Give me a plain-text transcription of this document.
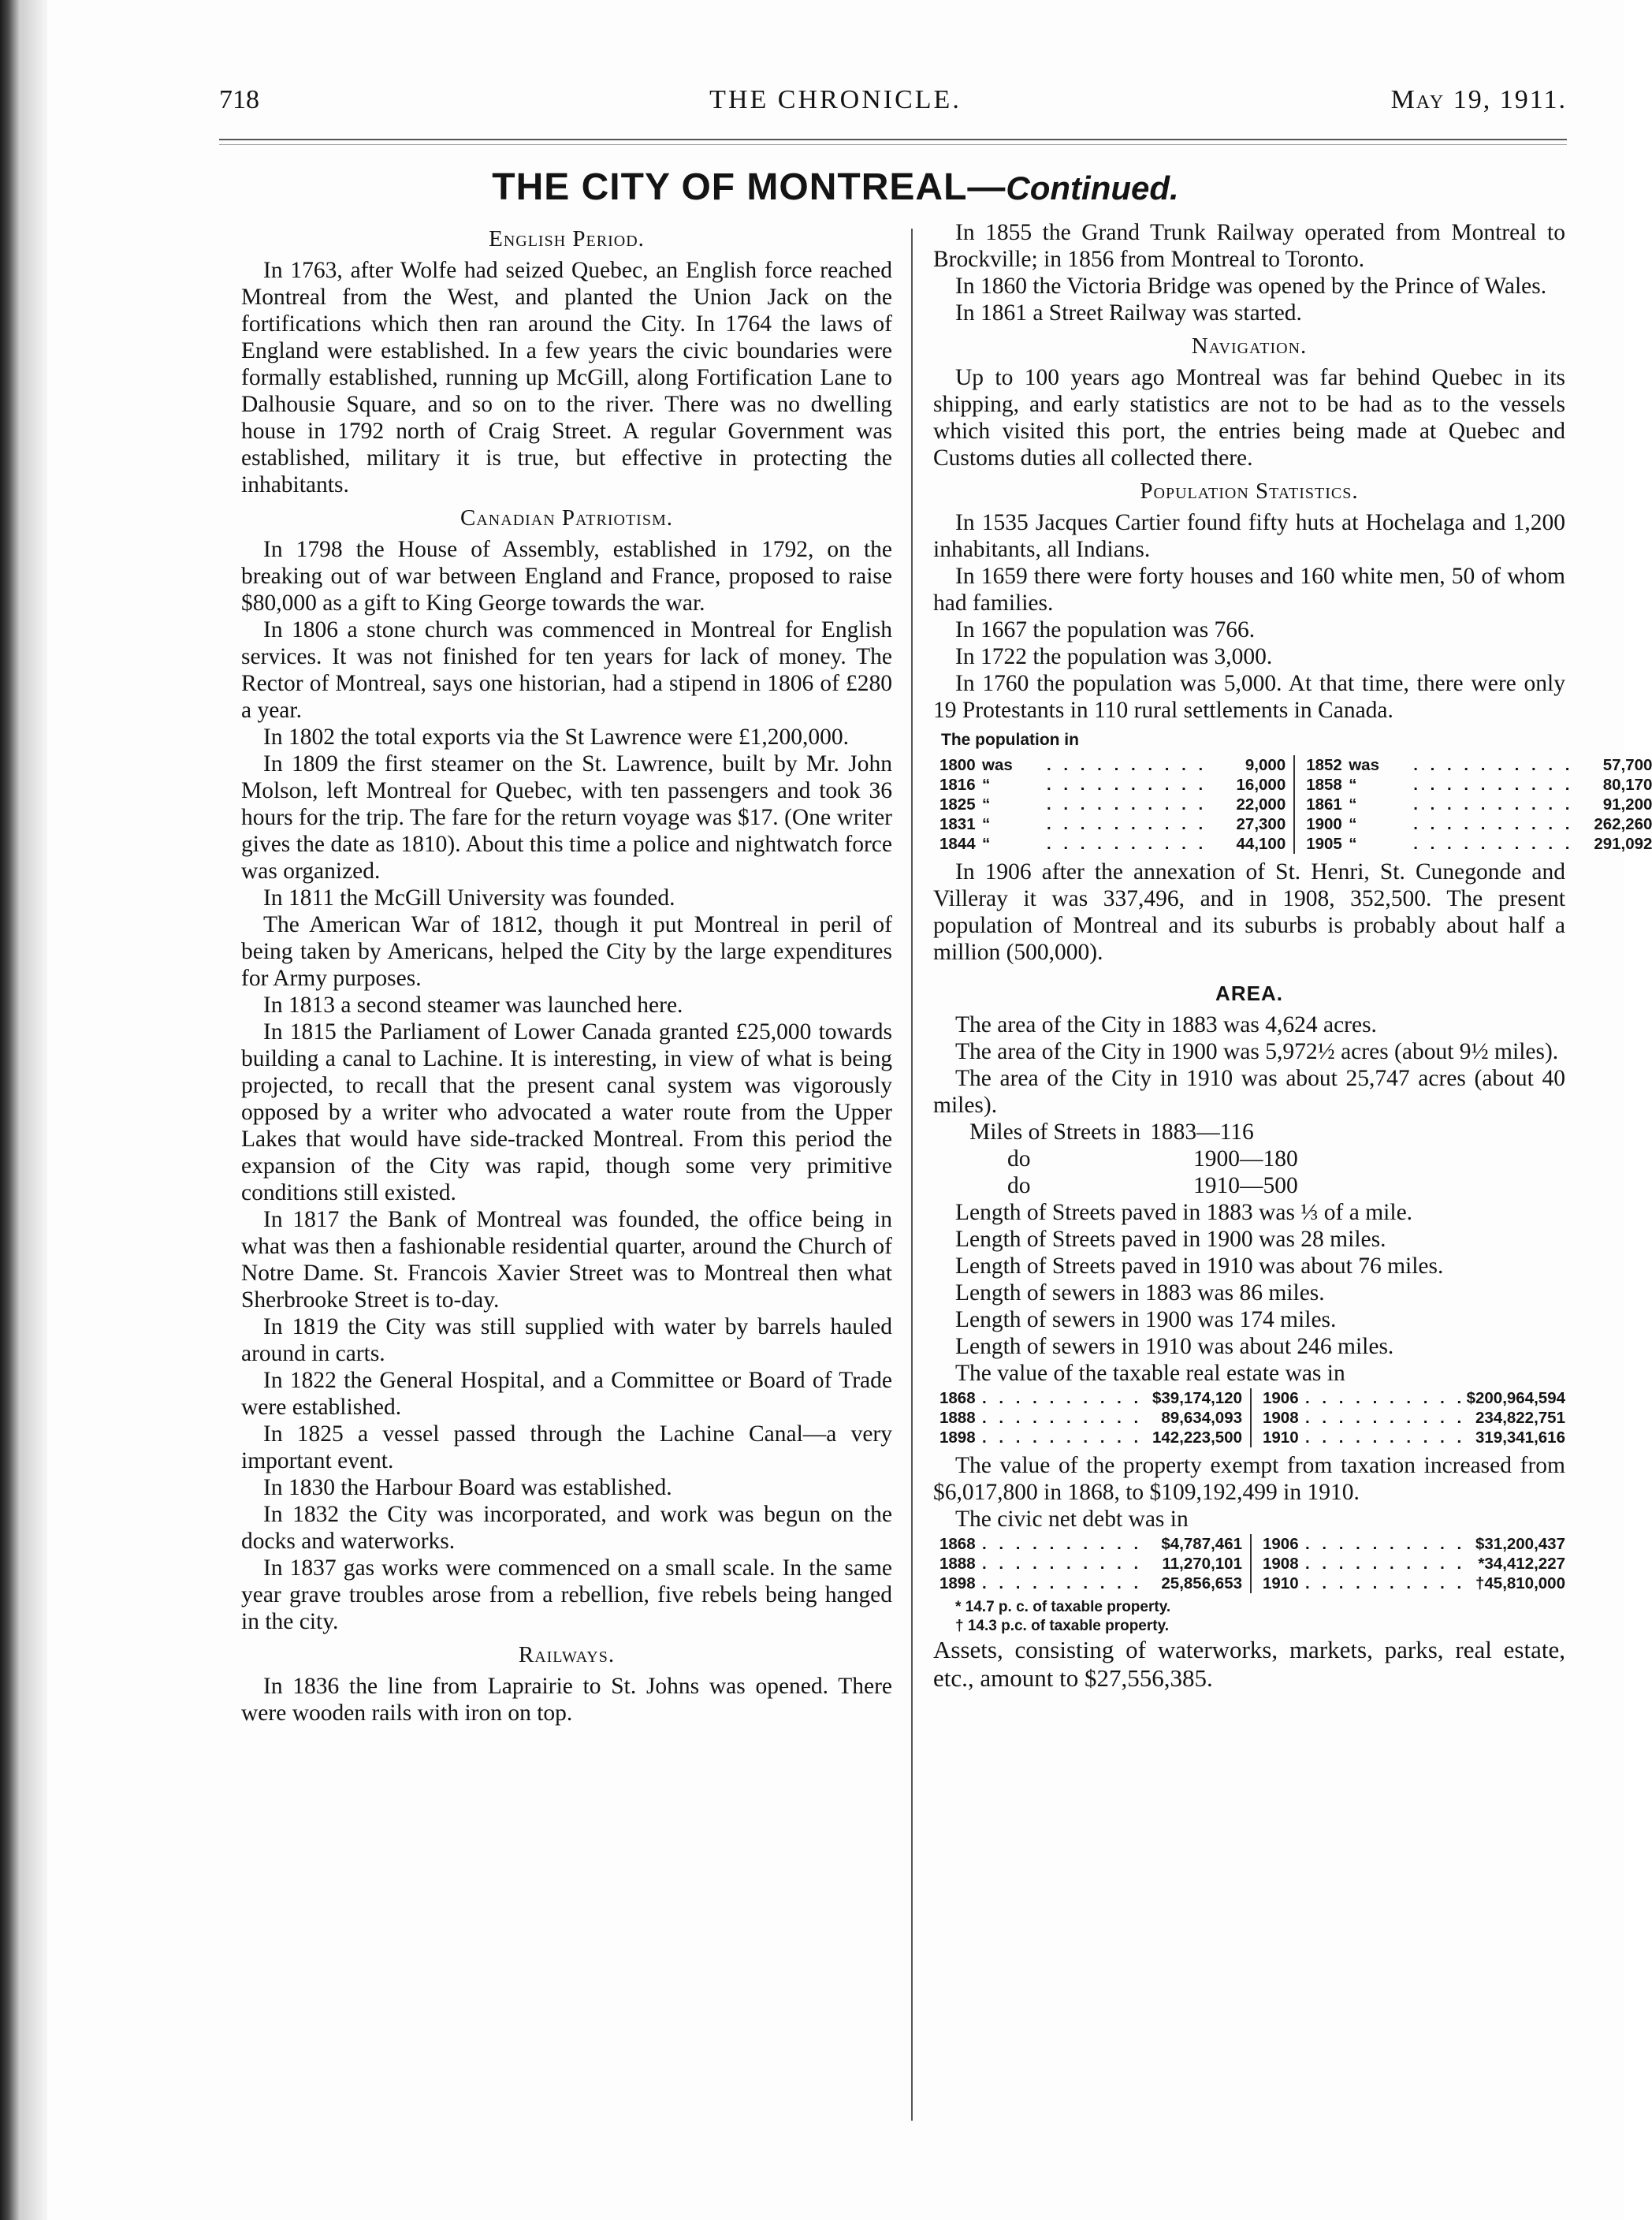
718	THE CHRONICLE.	May 19, 1911.
THE CITY OF MONTREAL—Continued.
English Period.

In 1763, after Wolfe had seized Quebec, an English force reached Montreal from the West, and planted the Union Jack on the fortifications which then ran around the City. In 1764 the laws of England were established. In a few years the civic boundaries were formally established, running up McGill, along Fortification Lane to Dalhousie Square, and so on to the river. There was no dwelling house in 1792 north of Craig Street. A regular Government was established, military it is true, but effective in protecting the inhabitants.

Canadian Patriotism.

In 1798 the House of Assembly, established in 1792, on the breaking out of war between England and France, proposed to raise $80,000 as a gift to King George towards the war.

In 1806 a stone church was commenced in Montreal for English services. It was not finished for ten years for lack of money. The Rector of Montreal, says one historian, had a stipend in 1806 of £280 a year.

In 1802 the total exports via the St Lawrence were £1,200,000.

In 1809 the first steamer on the St. Lawrence, built by Mr. John Molson, left Montreal for Quebec, with ten passengers and took 36 hours for the trip. The fare for the return voyage was $17. (One writer gives the date as 1810). About this time a police and nightwatch force was organized.

In 1811 the McGill University was founded.

The American War of 1812, though it put Montreal in peril of being taken by Americans, helped the City by the large expenditures for Army purposes.

In 1813 a second steamer was launched here.

In 1815 the Parliament of Lower Canada granted £25,000 towards building a canal to Lachine. It is interesting, in view of what is being projected, to recall that the present canal system was vigorously opposed by a writer who advocated a water route from the Upper Lakes that would have side-tracked Montreal. From this period the expansion of the City was rapid, though some very primitive conditions still existed.

In 1817 the Bank of Montreal was founded, the office being in what was then a fashionable residential quarter, around the Church of Notre Dame. St. Francois Xavier Street was to Montreal then what Sherbrooke Street is to-day.

In 1819 the City was still supplied with water by barrels hauled around in carts.

In 1822 the General Hospital, and a Committee or Board of Trade were established.

In 1825 a vessel passed through the Lachine Canal—a very important event.

In 1830 the Harbour Board was established.

In 1832 the City was incorporated, and work was begun on the docks and waterworks.

In 1837 gas works were commenced on a small scale. In the same year grave troubles arose from a rebellion, five rebels being hanged in the city.

Railways.

In 1836 the line from Laprairie to St. Johns was opened. There were wooden rails with iron on top.

In 1855 the Grand Trunk Railway operated from Montreal to Brockville; in 1856 from Montreal to Toronto.

In 1860 the Victoria Bridge was opened by the Prince of Wales.

In 1861 a Street Railway was started.

Navigation.

Up to 100 years ago Montreal was far behind Quebec in its shipping, and early statistics are not to be had as to the vessels which visited this port, the entries being made at Quebec and Customs duties all collected there.

Population Statistics.

In 1535 Jacques Cartier found fifty huts at Hochelaga and 1,200 inhabitants, all Indians.

In 1659 there were forty houses and 160 white men, 50 of whom had families.

In 1667 the population was 766.

In 1722 the population was 3,000.

In 1760 the population was 5,000. At that time, there were only 19 Protestants in 110 rural settlements in Canada.

The population in
1800 was	. . . . . . . . . .	9,000
1816 “	. . . . . . . . . .	16,000
1825 “	. . . . . . . . . .	22,000
1831 “	. . . . . . . . . .	27,300
1844 “	. . . . . . . . . .	44,100
1852 was	. . . . . . . . . .	57,700
1858 “	. . . . . . . . . .	80,170
1861 “	. . . . . . . . . .	91,200
1900 “	. . . . . . . . . .	262,260
1905 “	. . . . . . . . . .	291,092

In 1906 after the annexation of St. Henri, St. Cunegonde and Villeray it was 337,496, and in 1908, 352,500. The present population of Montreal and its suburbs is probably about half a million (500,000).

AREA.

The area of the City in 1883 was 4,624 acres.

The area of the City in 1900 was 5,972½ acres (about 9½ miles).

The area of the City in 1910 was about 25,747 acres (about 40 miles).

Miles of Streets in 1883—116
do	1900—180
do	1910—500

Length of Streets paved in 1883 was ⅓ of a mile.

Length of Streets paved in 1900 was 28 miles.

Length of Streets paved in 1910 was about 76 miles.

Length of sewers in 1883 was 86 miles.

Length of sewers in 1900 was 174 miles.

Length of sewers in 1910 was about 246 miles.

The value of the taxable real estate was in

1868 . . . . . . . . . . $39,174,120
1888 . . . . . . . . . .	89,634,093
1898 . . . . . . . . . . 142,223,500
1906 . . . . . . . . . . $200,964,594
1908 . . . . . . . . . . 234,822,751
1910 . . . . . . . . . . 319,341,616

The value of the property exempt from taxation increased from $6,017,800 in 1868, to $109,192,499 in 1910.

The civic net debt was in

1868 . . . . . . . . . .	$4,787,461
1888 . . . . . . . . . .	11,270,101
1898 . . . . . . . . . .	25,856,653
1906 . . . . . . . . . . $31,200,437
1908 . . . . . . . . . . *34,412,227
1910 . . . . . . . . . . †45,810,000
* 14.7 p. c. of taxable property.
† 14.3 p.c. of taxable property.

Assets, consisting of waterworks, markets, parks, real estate, etc., amount to $27,556,385.
